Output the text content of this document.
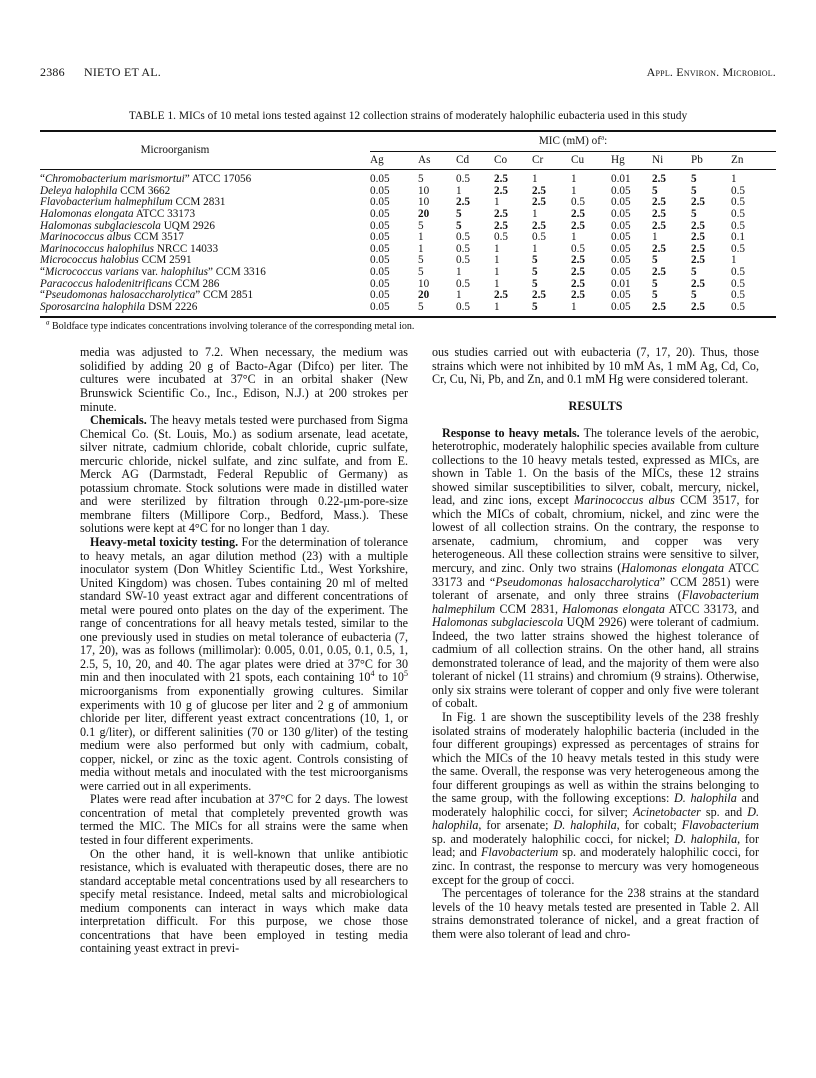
2386 NIETO ET AL.	Appl. Environ. Microbiol.
TABLE 1. MICs of 10 metal ions tested against 12 collection strains of moderately halophilic eubacteria used in this study
Microorganism	MIC (mM) $of^a$:									
	Ag	As	Cd	Co	Cr	Cu	Hg	Ni	Pb	Zn
“Chromobacterium marismortui” ATCC 17056	0.05	5	0.5	2.5	1	1	0.01	2.5	5	1
Deleya halophila CCM 3662	0.05	10	1	2.5	2.5	1	0.05	5	5	0.5
Flavobacterium halmephilum CCM 2831	0.05	10	2.5	1	2.5	0.5	0.05	2.5	2.5	0.5
Halomonas elongata ATCC 33173	0.05	20	5	2.5	1	2.5	0.05	2.5	5	0.5
Halomonas subglaciescola UQM 2926	0.05	5	5	2.5	2.5	2.5	0.05	2.5	2.5	0.5
Marinococcus albus CCM 3517	0.05	1	0.5	0.5	0.5	1	0.05	1	2.5	0.1
Marinococcus halophilus NRCC 14033	0.05	1	0.5	1	1	0.5	0.05	2.5	2.5	0.5
Micrococcus halobius CCM 2591	0.05	5	0.5	1	5	2.5	0.05	5	2.5	1
“Micrococcus varians var. halophilus” CCM 3316	0.05	5	1	1	5	2.5	0.05	2.5	5	0.5
Paracoccus halodenitrificans CCM 286	0.05	10	0.5	1	5	2.5	0.01	5	2.5	0.5
“Pseudomonas halosaccharolytica” CCM 2851	0.05	20	1	2.5	2.5	2.5	0.05	5	5	0.5
Sporosarcina halophila DSM 2226	0.05	5	0.5	1	5	1	0.05	2.5	2.5	0.5
$^a$ Boldface type indicates concentrations involving tolerance of the corresponding metal ion.

media was adjusted to 7.2. When necessary, the medium was solidified by adding 20 g of Bacto-Agar (Difco) per liter. The cultures were incubated at 37°C in an orbital shaker (New Brunswick Scientific Co., Inc., Edison, N.J.) at 200 strokes per minute.

Chemicals. The heavy metals tested were purchased from Sigma Chemical Co. (St. Louis, Mo.) as sodium arsenate, lead acetate, silver nitrate, cadmium chloride, cobalt chloride, cupric sulfate, mercuric chloride, nickel sulfate, and zinc sulfate, and from E. Merck AG (Darmstadt, Federal Republic of Germany) as potassium chromate. Stock solutions were made in distilled water and were sterilized by filtration through 0.22-µm-pore-size membrane filters (Millipore Corp., Bedford, Mass.). These solutions were kept at 4°C for no longer than 1 day.

Heavy-metal toxicity testing. For the determination of tolerance to heavy metals, an agar dilution method (23) with a multiple inoculator system (Don Whitley Scientific Ltd., West Yorkshire, United Kingdom) was chosen. Tubes containing 20 ml of melted standard SW-10 yeast extract agar and different concentrations of metal were poured onto plates on the day of the experiment. The range of concentrations for all heavy metals tested, similar to the one previously used in studies on metal tolerance of eubacteria (7, 17, 20), was as follows (millimolar): 0.005, 0.01, 0.05, 0.1, 0.5, 1, 2.5, 5, 10, 20, and 40. The agar plates were dried at 37°C for 30 min and then inoculated with 21 spots, each containing $10^4$ to $10^5$ microorganisms from exponentially growing cultures. Similar experiments with 10 g of glucose per liter and 2 g of ammonium chloride per liter, different yeast extract concentrations (10, 1, or 0.1 g/liter), or different salinities (70 or 130 g/liter) of the testing medium were also performed but only with cadmium, cobalt, copper, nickel, or zinc as the toxic agent. Controls consisting of media without metals and inoculated with the test microorganisms were carried out in all experiments.

Plates were read after incubation at 37°C for 2 days. The lowest concentration of metal that completely prevented growth was termed the MIC. The MICs for all strains were the same when tested in four different experiments.

On the other hand, it is well-known that unlike antibiotic resistance, which is evaluated with therapeutic doses, there are no standard acceptable metal concentrations used by all researchers to specify metal resistance. Indeed, metal salts and microbiological medium components can interact in ways which make data interpretation difficult. For this purpose, we chose those concentrations that have been employed in testing media containing yeast extract in previ-

ous studies carried out with eubacteria (7, 17, 20). Thus, those strains which were not inhibited by 10 mM As, 1 mM Ag, Cd, Co, Cr, Cu, Ni, Pb, and Zn, and 0.1 mM Hg were considered tolerant.

RESULTS

Response to heavy metals. The tolerance levels of the aerobic, heterotrophic, moderately halophilic species available from culture collections to the 10 heavy metals tested, expressed as MICs, are shown in Table 1. On the basis of the MICs, these 12 strains showed similar susceptibilities to silver, cobalt, mercury, nickel, lead, and zinc ions, except Marinococcus albus CCM 3517, for which the MICs of cobalt, chromium, nickel, and zinc were the lowest of all collection strains. On the contrary, the response to arsenate, cadmium, chromium, and copper was very heterogeneous. All these collection strains were sensitive to silver, mercury, and zinc. Only two strains (Halomonas elongata ATCC 33173 and “Pseudomonas halosaccharolytica” CCM 2851) were tolerant of arsenate, and only three strains (Flavobacterium halmephilum CCM 2831, Halomonas elongata ATCC 33173, and Halomonas subglaciescola UQM 2926) were tolerant of cadmium. Indeed, the two latter strains showed the highest tolerance of cadmium of all collection strains. On the other hand, all strains demonstrated tolerance of lead, and the majority of them were also tolerant of nickel (11 strains) and chromium (9 strains). Otherwise, only six strains were tolerant of copper and only five were tolerant of cobalt.

In Fig. 1 are shown the susceptibility levels of the 238 freshly isolated strains of moderately halophilic bacteria (included in the four different groupings) expressed as percentages of strains for which the MICs of the 10 heavy metals tested in this study were the same. Overall, the response was very heterogeneous among the four different groupings as well as within the strains belonging to the same group, with the following exceptions: D. halophila and moderately halophilic cocci, for silver; Acinetobacter sp. and D. halophila, for arsenate; D. halophila, for cobalt; Flavobacterium sp. and moderately halophilic cocci, for nickel; D. halophila, for lead; and Flavobacterium sp. and moderately halophilic cocci, for zinc. In contrast, the response to mercury was very homogeneous except for the group of cocci.

The percentages of tolerance for the 238 strains at the standard levels of the 10 heavy metals tested are presented in Table 2. All strains demonstrated tolerance of nickel, and a great fraction of them were also tolerant of lead and chro-
